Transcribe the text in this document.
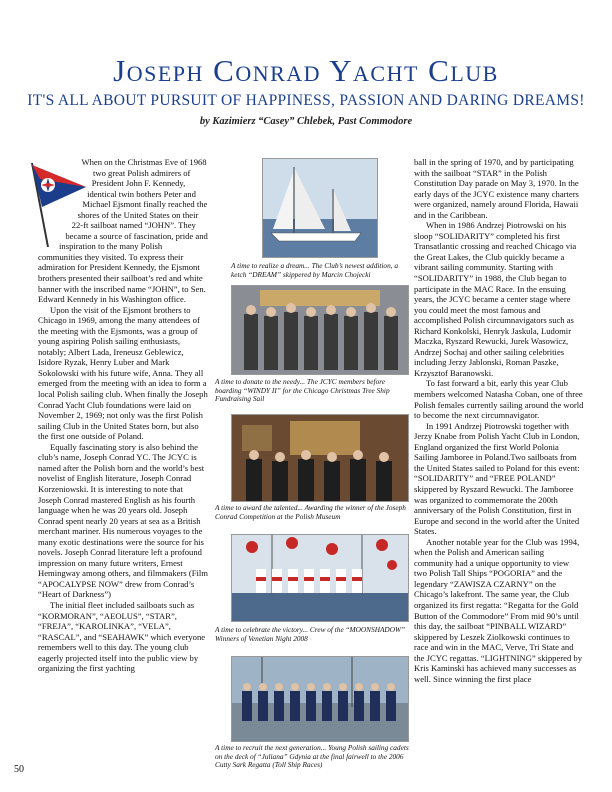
Joseph Conrad Yacht Club
IT'S ALL ABOUT PURSUIT OF HAPPINESS, PASSION AND DARING DREAMS!
by Kazimierz “Casey” Chlebek, Past Commodore

When on the Christmas Eve of 1968 two great Polish admirers of President John F. Kennedy, identical twin bothers Peter and Michael Ejsmont finally reached the shores of the United States on their 22-ft sailboat named “JOHN”. They became a source of fascination, pride and inspiration to the many Polish communities they visited. To express their admiration for President Kennedy, the Ejsmont brothers presented their sailboat’s red and white banner with the inscribed name “JOHN”, to Sen. Edward Kennedy in his Washington office.

Upon the visit of the Ejsmont brothers to Chicago in 1969, among the many attendees of the meeting with the Ejsmonts, was a group of young aspiring Polish sailing enthusiasts, notably; Albert Lada, Ireneusz Geblewicz, Isidore Ryzak, Henry Luber and Mark Sokolowski with his future wife, Anna. They all emerged from the meeting with an idea to form a local Polish sailing club. When finally the Joseph Conrad Yacht Club foundations were laid on November 2, 1969; not only was the first Polish sailing Club in the United States born, but also the first one outside of Poland.

Equally fascinating story is also behind the club’s name, Joseph Conrad YC. The JCYC is named after the Polish born and the world’s best novelist of English literature, Joseph Conrad Korzeniowski. It is interesting to note that Joseph Conrad mastered English as his fourth language when he was 20 years old. Joseph Conrad spent nearly 20 years at sea as a British merchant mariner. His numerous voyages to the many exotic destinations were the source for his novels. Joseph Conrad literature left a profound impression on many future writers, Ernest Hemingway among others, and filmmakers (Film “APOCALYPSE NOW” drew from Conrad’s “Heart of Darkness”)

The initial fleet included sailboats such as “KORMORAN”, “AEOLUS”, “STAR”, “FREJA”, “KAROLINKA”, “VELA”, “RASCAL”, and “SEAHAWK” which everyone remembers well to this day. The young club eagerly projected itself into the public view by organizing the first yachting

A time to realize a dream... The Club’s newest addition, a ketch “DREAM” skippered by Marcin Chojecki
A time to donate to the needy... The JCYC members before boarding “WINDY II” for the Chicago Christmas Tree Ship Fundraising Sail
A time to award the talented... Awarding the winner of the Joseph Conrad Competition at the Polish Museum
A time to celebrate the victory... Crew of the “MOONSHADOW” Winners of Venetian Night 2008
A time to recruit the next generation... Young Polish sailing cadets on the deck of “Juliana” Gdynia at the final fairwell to the 2006 Cutty Sark Regatta (Toll Ship Races)

ball in the spring of 1970, and by participating with the sailboat “STAR” in the Polish Constitution Day parade on May 3, 1970. In the early days of the JCYC existence many charters were organized, namely around Florida, Hawaii and in the Caribbean.

When in 1986 Andrzej Piotrowski on his sloop “SOLIDARITY” completed his first Transatlantic crossing and reached Chicago via the Great Lakes, the Club quickly became a vibrant sailing community. Starting with “SOLIDARITY” in 1988, the Club began to participate in the MAC Race. In the ensuing years, the JCYC became a center stage where you could meet the most famous and accomplished Polish circumnavigators such as Richard Konkolski, Henryk Jaskula, Ludomir Maczka, Ryszard Rewucki, Jurek Wasowicz, Andrzej Sochaj and other sailing celebrities including Jerzy Jablonski, Roman Paszke, Krzysztof Baranowski.

To fast forward a bit, early this year Club members welcomed Natasha Coban, one of three Polish females currently sailing around the world to become the next circumnavigator.

In 1991 Andrzej Piotrowski together with Jerzy Knabe from Polish Yacht Club in London, England organized the first World Polonia Sailing Jamboree in Poland.Two sailboats from the United States sailed to Poland for this event: “SOLIDARITY” and “FREE POLAND” skippered by Ryszard Rewucki. The Jamboree was organized to commemorate the 200th anniversary of the Polish Constitution, first in Europe and second in the world after the United States.

Another notable year for the Club was 1994, when the Polish and American sailing community had a unique opportunity to view two Polish Tall Ships “POGORIA” and the legendary “ZAWISZA CZARNY” on the Chicago’s lakefront. The same year, the Club organized its first regatta: “Regatta for the Gold Button of the Commodore” From mid 90’s until this day, the sailboat “PINBALL WIZARD” skippered by Leszek Ziolkowski continues to race and win in the MAC, Verve, Tri State and the JCYC regattas. “LIGHTNING” skippered by Kris Kaminski has achieved many successes as well. Since winning the first place

50
